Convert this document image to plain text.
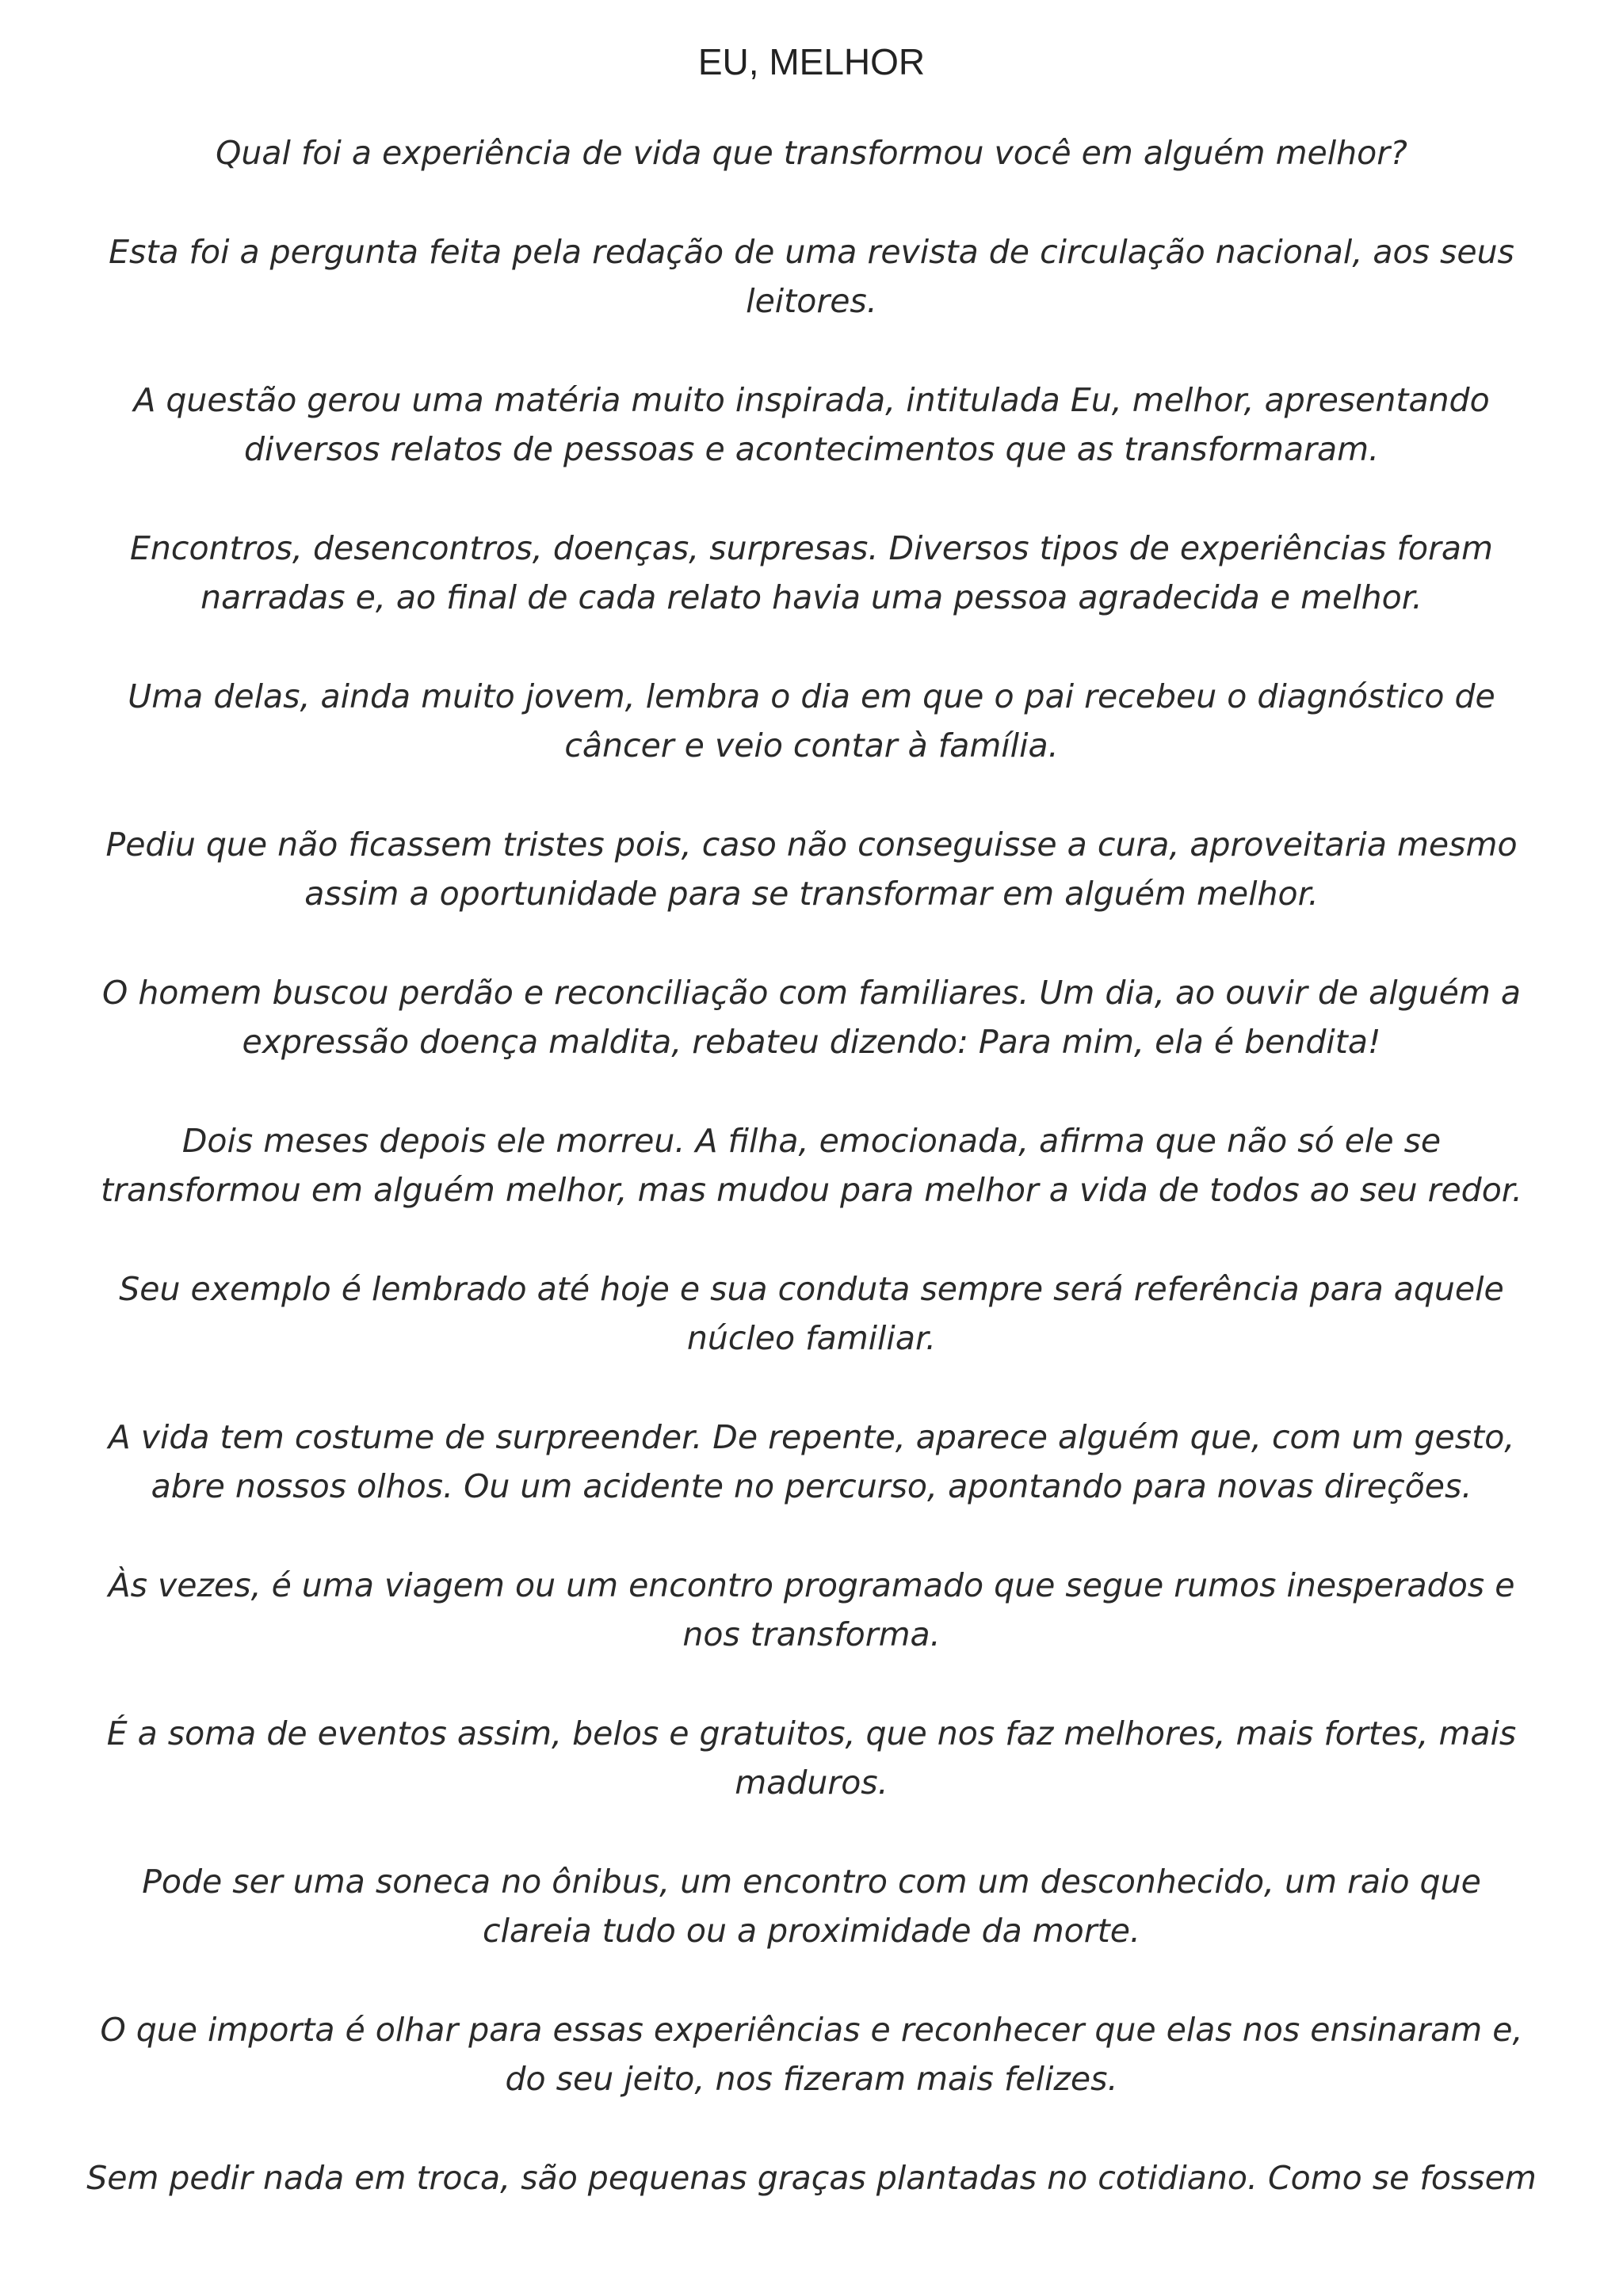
EU, MELHOR

Qual foi a experiência de vida que transformou você em alguém melhor?

Esta foi a pergunta feita pela redação de uma revista de circulação nacional, aos seus
leitores.

A questão gerou uma matéria muito inspirada, intitulada Eu, melhor, apresentando
diversos relatos de pessoas e acontecimentos que as transformaram.

Encontros, desencontros, doenças, surpresas. Diversos tipos de experiências foram
narradas e, ao final de cada relato havia uma pessoa agradecida e melhor.

Uma delas, ainda muito jovem, lembra o dia em que o pai recebeu o diagnóstico de
câncer e veio contar à família.

Pediu que não ficassem tristes pois, caso não conseguisse a cura, aproveitaria mesmo
assim a oportunidade para se transformar em alguém melhor.

O homem buscou perdão e reconciliação com familiares. Um dia, ao ouvir de alguém a
expressão doença maldita, rebateu dizendo: Para mim, ela é bendita!

Dois meses depois ele morreu. A filha, emocionada, afirma que não só ele se
transformou em alguém melhor, mas mudou para melhor a vida de todos ao seu redor.

Seu exemplo é lembrado até hoje e sua conduta sempre será referência para aquele
núcleo familiar.

A vida tem costume de surpreender. De repente, aparece alguém que, com um gesto,
abre nossos olhos. Ou um acidente no percurso, apontando para novas direções.

Às vezes, é uma viagem ou um encontro programado que segue rumos inesperados e
nos transforma.

É a soma de eventos assim, belos e gratuitos, que nos faz melhores, mais fortes, mais
maduros.

Pode ser uma soneca no ônibus, um encontro com um desconhecido, um raio que
clareia tudo ou a proximidade da morte.

O que importa é olhar para essas experiências e reconhecer que elas nos ensinaram e,
do seu jeito, nos fizeram mais felizes.

Sem pedir nada em troca, são pequenas graças plantadas no cotidiano. Como se fossem
